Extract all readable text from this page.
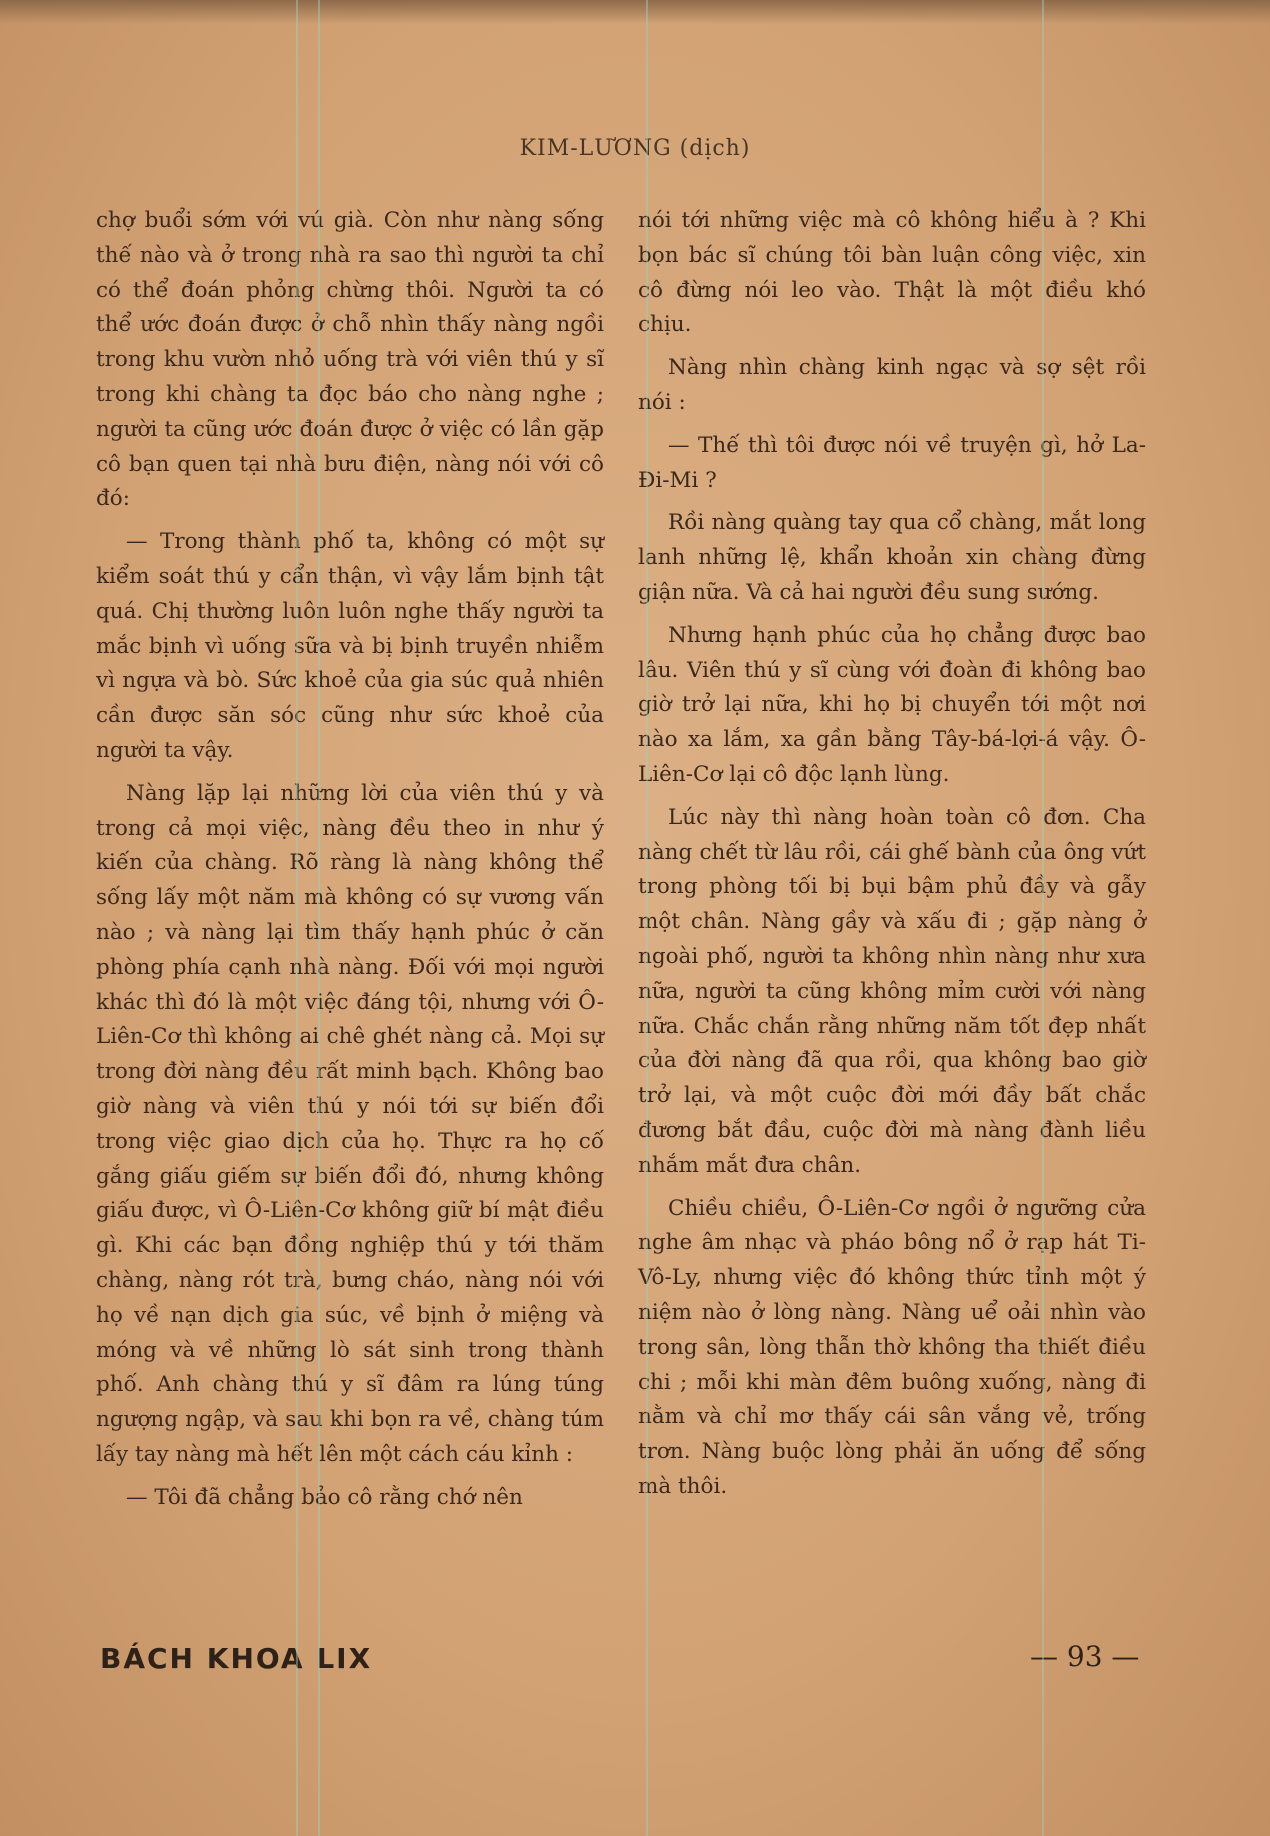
KIM-LƯƠNG (dịch)

chợ buổi sớm với vú già. Còn như nàng sống thế nào và ở trong nhà ra sao thì người ta chỉ có thể đoán phỏng chừng thôi. Người ta có thể ước đoán được ở chỗ nhìn thấy nàng ngồi trong khu vườn nhỏ uống trà với viên thú y sĩ trong khi chàng ta đọc báo cho nàng nghe ; người ta cũng ước đoán được ở việc có lần gặp cô bạn quen tại nhà bưu điện, nàng nói với cô đó:

— Trong thành phố ta, không có một sự kiểm soát thú y cẩn thận, vì vậy lắm bịnh tật quá. Chị thường luôn luôn nghe thấy người ta mắc bịnh vì uống sữa và bị bịnh truyền nhiễm vì ngựa và bò. Sức khoẻ của gia súc quả nhiên cần được săn sóc cũng như sức khoẻ của người ta vậy.

Nàng lặp lại những lời của viên thú y và trong cả mọi việc, nàng đều theo in như ý kiến của chàng. Rõ ràng là nàng không thể sống lấy một năm mà không có sự vương vấn nào ; và nàng lại tìm thấy hạnh phúc ở căn phòng phía cạnh nhà nàng. Đối với mọi người khác thì đó là một việc đáng tội, nhưng với Ô-Liên-Cơ thì không ai chê ghét nàng cả. Mọi sự trong đời nàng đều rất minh bạch. Không bao giờ nàng và viên thú y nói tới sự biến đổi trong việc giao dịch của họ. Thực ra họ cố gắng giấu giếm sự biến đổi đó, nhưng không giấu được, vì Ô-Liên-Cơ không giữ bí mật điều gì. Khi các bạn đồng nghiệp thú y tới thăm chàng, nàng rót trà, bưng cháo, nàng nói với họ về nạn dịch gia súc, về bịnh ở miệng và móng và về những lò sát sinh trong thành phố. Anh chàng thú y sĩ đâm ra lúng túng ngượng ngập, và sau khi bọn ra về, chàng túm lấy tay nàng mà hết lên một cách cáu kỉnh :

— Tôi đã chẳng bảo cô rằng chớ nên

nói tới những việc mà cô không hiểu à ? Khi bọn bác sĩ chúng tôi bàn luận công việc, xin cô đừng nói leo vào. Thật là một điều khó chịu.

Nàng nhìn chàng kinh ngạc và sợ sệt rồi nói :

— Thế thì tôi được nói về truyện gì, hở La-Đi-Mi ?

Rồi nàng quàng tay qua cổ chàng, mắt long lanh những lệ, khẩn khoản xin chàng đừng giận nữa. Và cả hai người đều sung sướng.

Nhưng hạnh phúc của họ chẳng được bao lâu. Viên thú y sĩ cùng với đoàn đi không bao giờ trở lại nữa, khi họ bị chuyển tới một nơi nào xa lắm, xa gần bằng Tây-bá-lợi-á vậy. Ô-Liên-Cơ lại cô độc lạnh lùng.

Lúc này thì nàng hoàn toàn cô đơn. Cha nàng chết từ lâu rồi, cái ghế bành của ông vứt trong phòng tối bị bụi bậm phủ đầy và gẫy một chân. Nàng gầy và xấu đi ; gặp nàng ở ngoài phố, người ta không nhìn nàng như xưa nữa, người ta cũng không mỉm cười với nàng nữa. Chắc chắn rằng những năm tốt đẹp nhất của đời nàng đã qua rồi, qua không bao giờ trở lại, và một cuộc đời mới đầy bất chắc đương bắt đầu, cuộc đời mà nàng đành liều nhắm mắt đưa chân.

Chiều chiều, Ô-Liên-Cơ ngồi ở ngưỡng cửa nghe âm nhạc và pháo bông nổ ở rạp hát Ti-Vô-Ly, nhưng việc đó không thức tỉnh một ý niệm nào ở lòng nàng. Nàng uể oải nhìn vào trong sân, lòng thẫn thờ không tha thiết điều chi ; mỗi khi màn đêm buông xuống, nàng đi nằm và chỉ mơ thấy cái sân vắng vẻ, trống trơn. Nàng buộc lòng phải ăn uống để sống mà thôi.

BÁCH KHOA LIX	— 93 —
